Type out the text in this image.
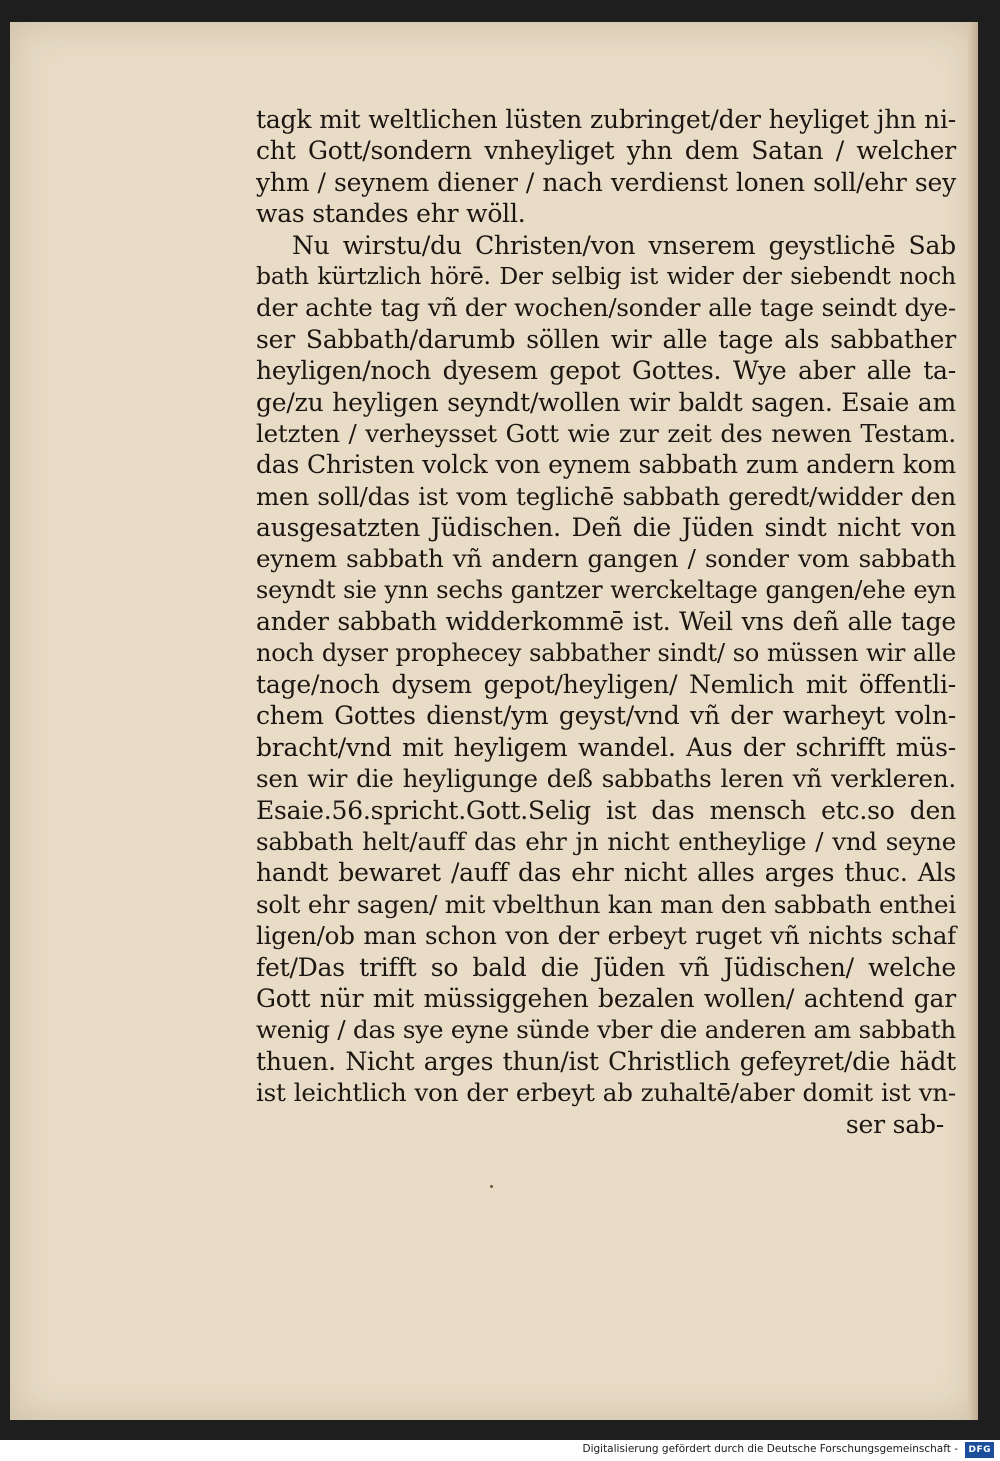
tagk mit weltlichen lüsten zubringet/der heyliget jhn ni-
cht Gott/sondern vnheyliget yhn dem Satan / welcher
yhm / seynem diener / nach verdienst lonen soll/ehr sey
was standes ehr wöll.
Nu wirstu/du Christen/von vnserem geystlichē Sab
bath kürtzlich hörē. Der selbig ist wider der siebendt noch
der achte tag vñ der wochen/sonder alle tage seindt dye-
ser Sabbath/darumb söllen wir alle tage als sabbather
heyligen/noch dyesem gepot Gottes. Wye aber alle ta-
ge/zu heyligen seyndt/wollen wir baldt sagen. Esaie am
letzten / verheysset Gott wie zur zeit des newen Testam.
das Christen volck von eynem sabbath zum andern kom
men soll/das ist vom teglichē sabbath geredt/widder den
ausgesatzten Jüdischen. Deñ die Jüden sindt nicht von
eynem sabbath vñ andern gangen / sonder vom sabbath
seyndt sie ynn sechs gantzer werckeltage gangen/ehe eyn
ander sabbath widderkommē ist. Weil vns deñ alle tage
noch dyser prophecey sabbather sindt/ so müssen wir alle
tage/noch dysem gepot/heyligen/ Nemlich mit öffentli-
chem Gottes dienst/ym geyst/vnd vñ der warheyt voln-
bracht/vnd mit heyligem wandel. Aus der schrifft müs-
sen wir die heyligunge deß sabbaths leren vñ verkleren.
Esaie.56.spricht.Gott.Selig ist das mensch etc.so den
sabbath helt/auff das ehr jn nicht entheylige / vnd seyne
handt bewaret /auff das ehr nicht alles arges thuc. Als
solt ehr sagen/ mit vbelthun kan man den sabbath enthei
ligen/ob man schon von der erbeyt ruget vñ nichts schaf
fet/Das trifft so bald die Jüden vñ Jüdischen/ welche
Gott nür mit müssiggehen bezalen wollen/ achtend gar
wenig / das sye eyne sünde vber die anderen am sabbath
thuen. Nicht arges thun/ist Christlich gefeyret/die hädt
ist leichtlich von der erbeyt ab zuhaltē/aber domit ist vn-
ser sab-
Digitalisierung gefördert durch die Deutsche Forschungsgemeinschaft -	DFG
